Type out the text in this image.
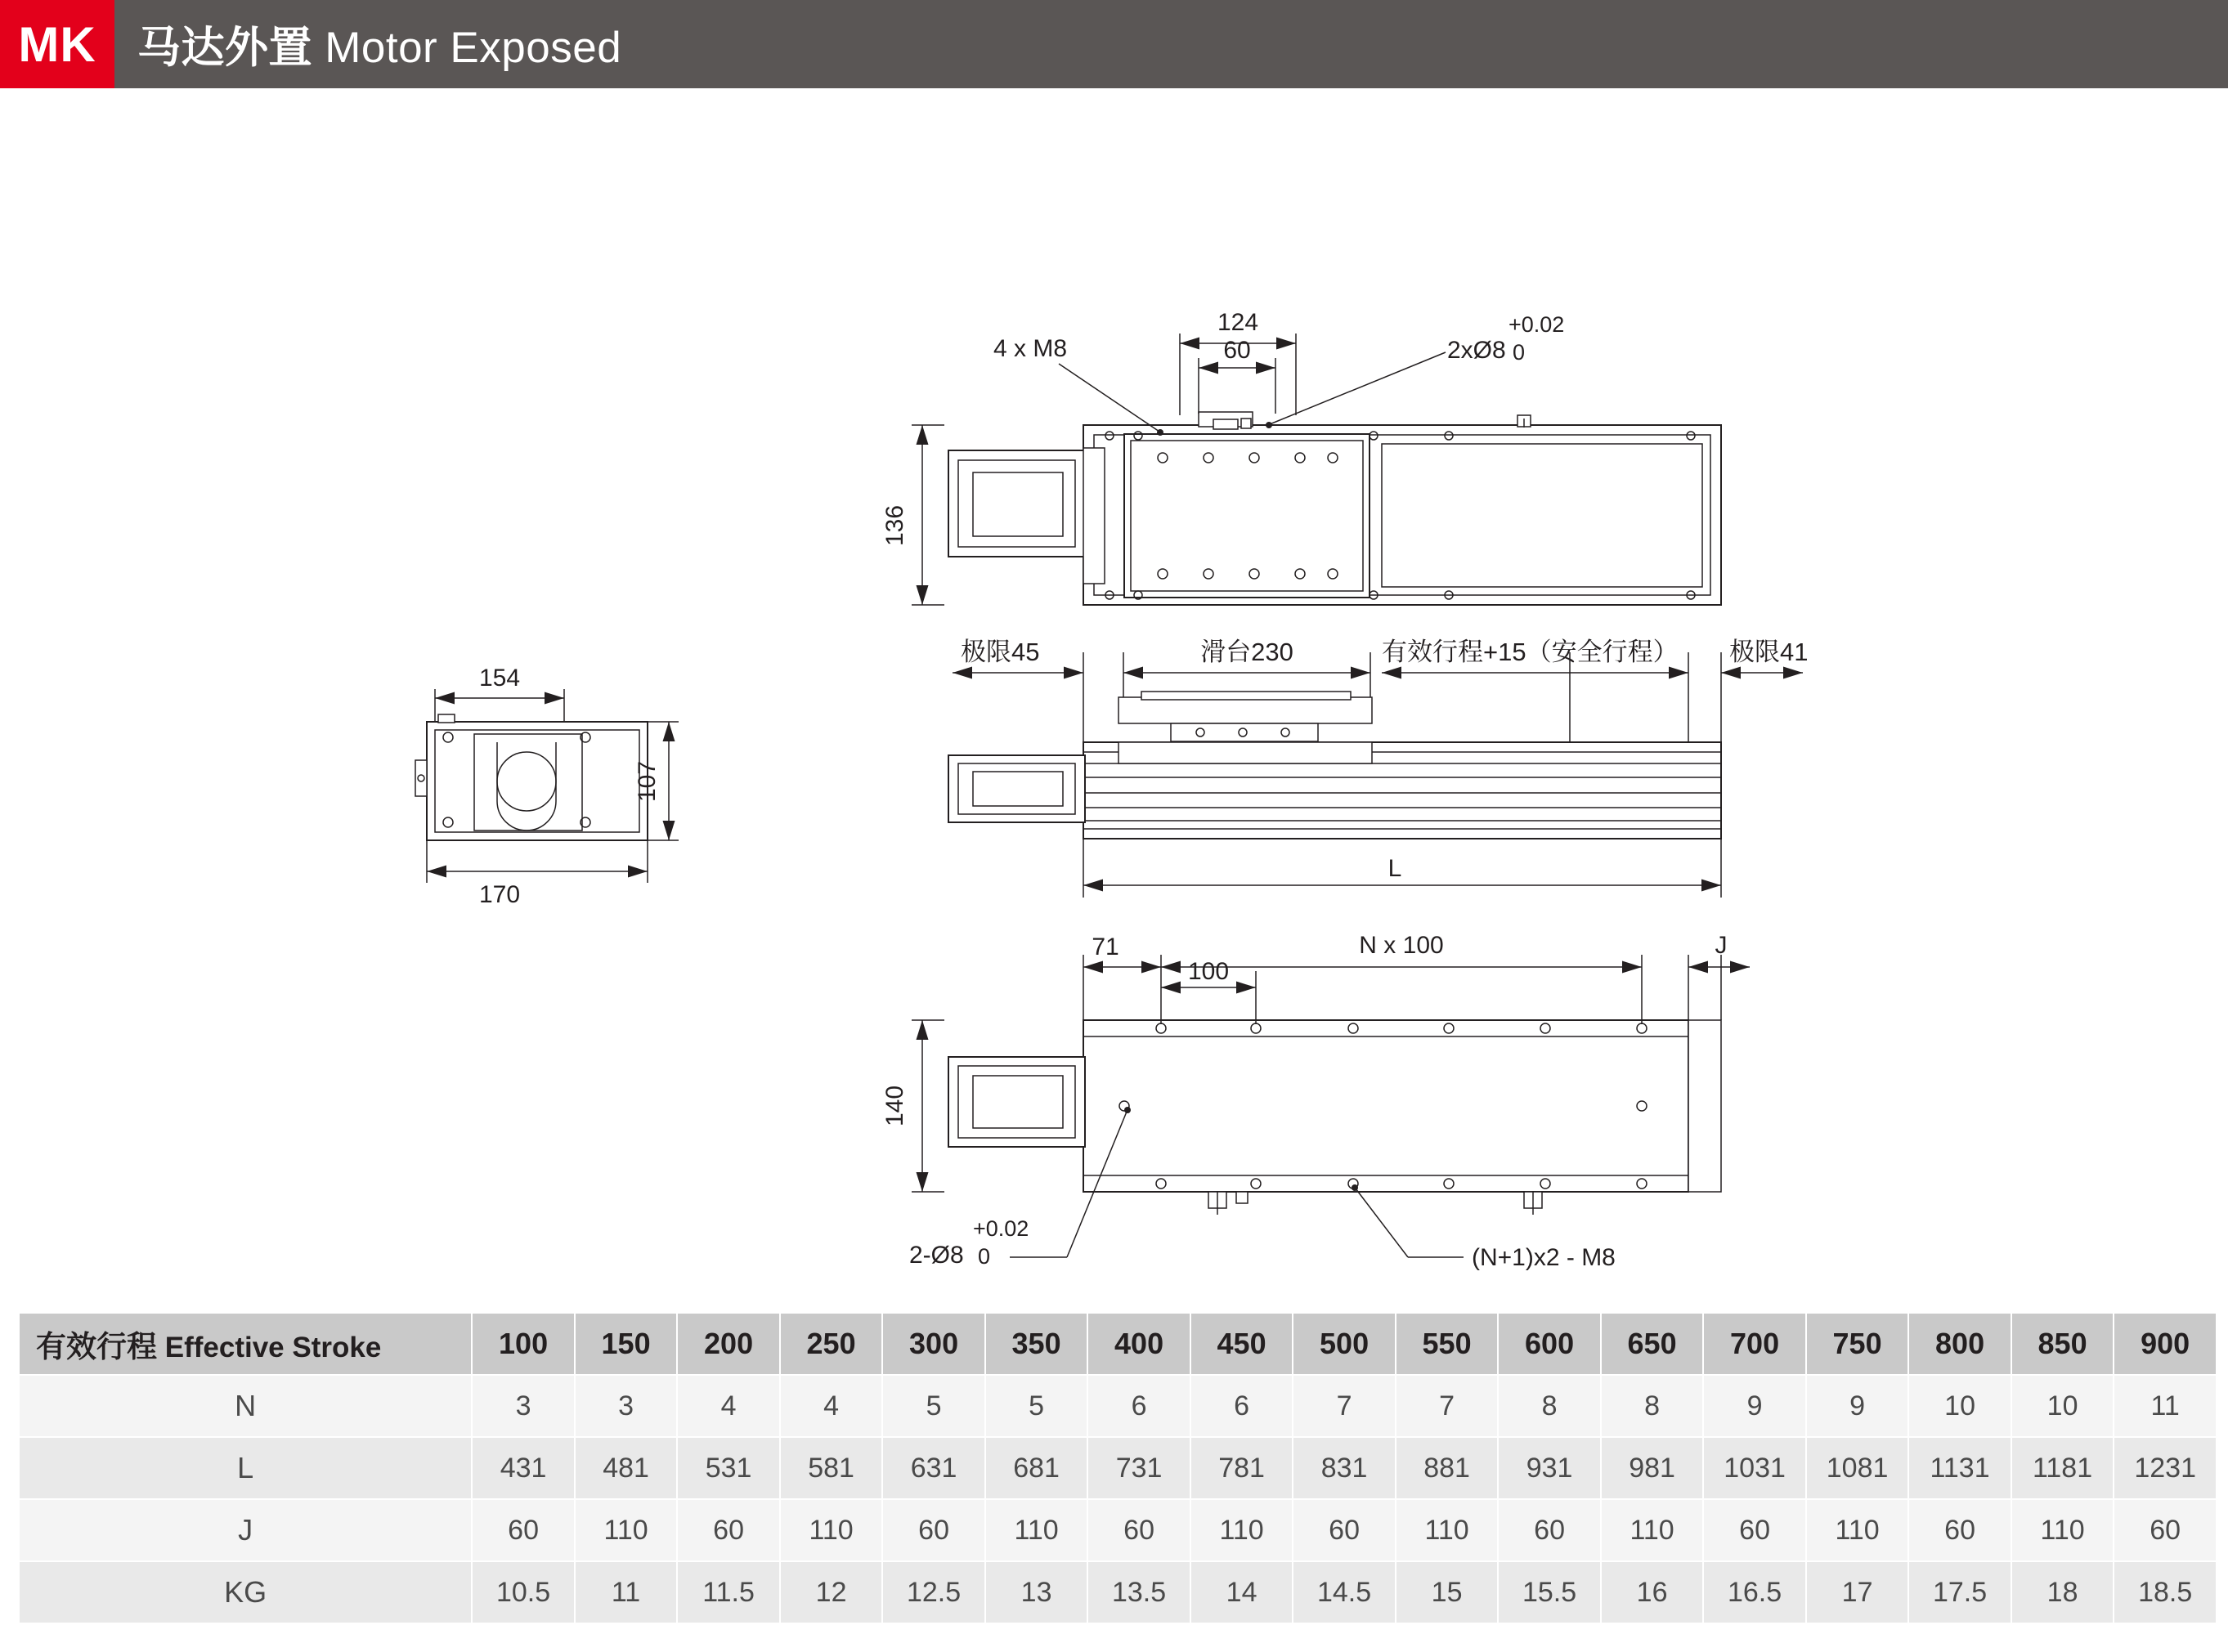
MK 马达外置 Motor Exposed
136
124
60
4 x M8	2xØ8
+0.02
0
154
170
107
极限45	滑台230	有效行程+15（安全行程） 极限41
L
140
71
100
N x 100	J
2-Ø8
+0.02
0	(N+1)x2 - M8
有效行程 Effective Stroke	100	150	200	250	300	350	400	450	500	550	600	650	700	750	800	850	900
N	3	3	4	4	5	5	6	6	7	7	8	8	9	9	10	10	11
L	431	481	531	581	631	681	731	781	831	881	931	981	1031	1081	1131	1181	1231
J	60	110	60	110	60	110	60	110	60	110	60	110	60	110	60	110	60
KG	10.5	11	11.5	12	12.5	13	13.5	14	14.5	15	15.5	16	16.5	17	17.5	18	18.5
